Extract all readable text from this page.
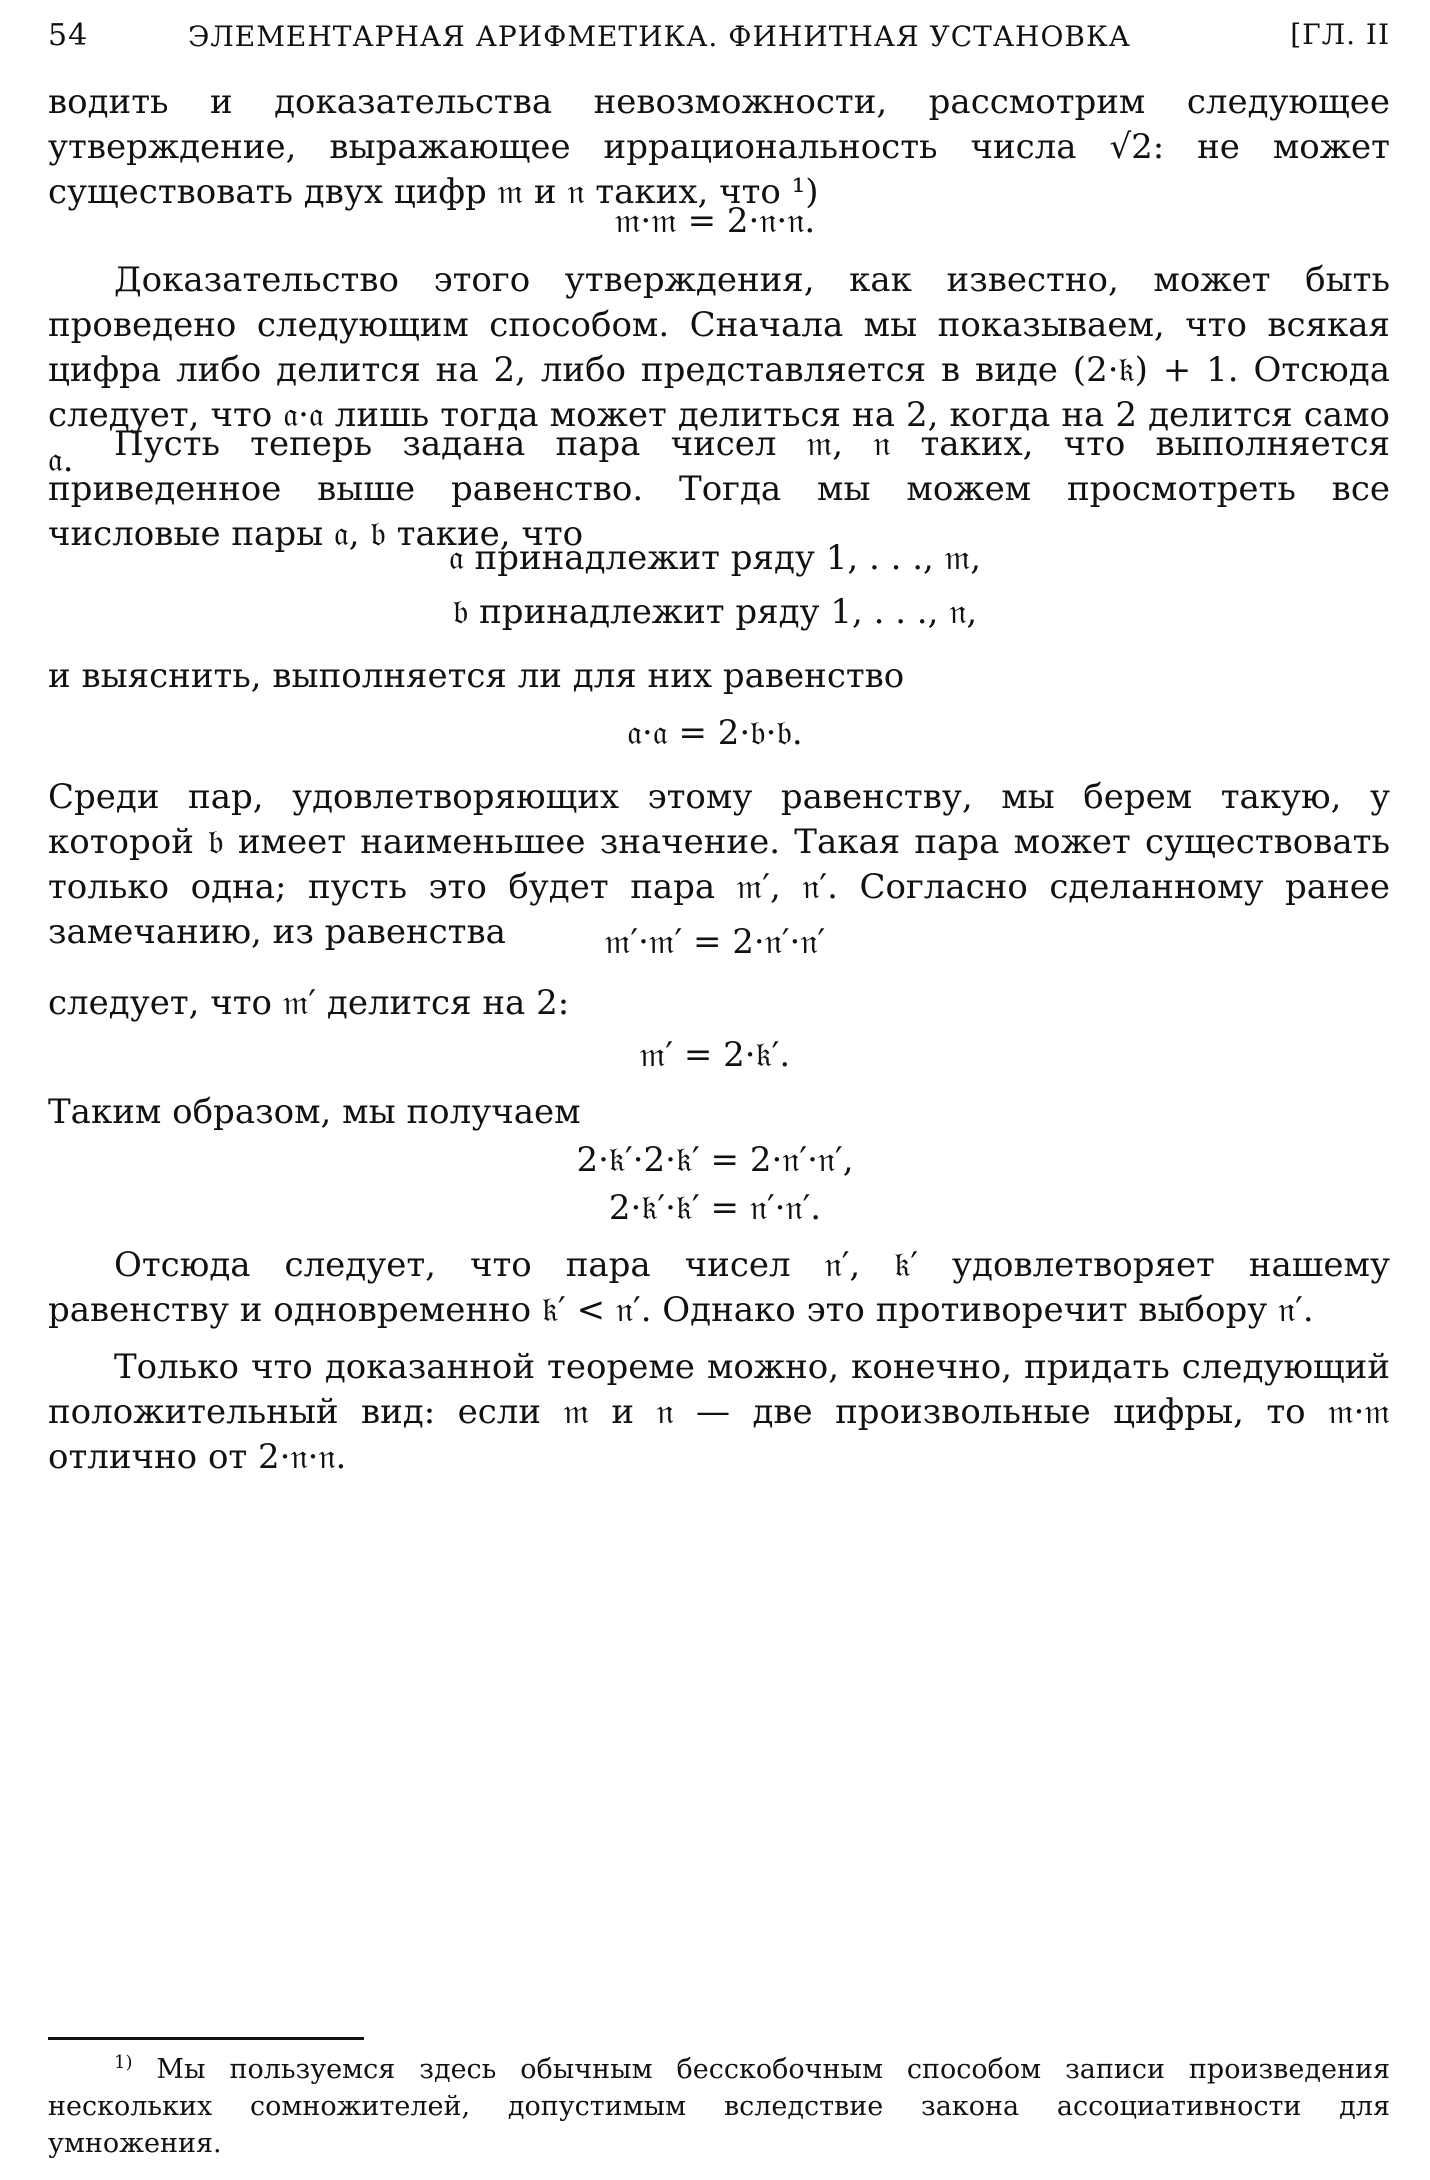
54	ЭЛЕМЕНТАРНАЯ АРИФМЕТИКА. ФИНИТНАЯ УСТАНОВКА	[ГЛ. II

водить и доказательства невозможности, рассмотрим следующее утверждение, выражающее иррациональность числа √2: не может существовать двух цифр 𝔪 и 𝔫 таких, что ¹)

𝔪·𝔪 = 2·𝔫·𝔫.

Доказательство этого утверждения, как известно, может быть проведено следующим способом. Сначала мы показываем, что всякая цифра либо делится на 2, либо представляется в виде (2·𝔨) + 1. Отсюда следует, что 𝔞·𝔞 лишь тогда может делиться на 2, когда на 2 делится само 𝔞.	Пусть теперь задана пара чисел 𝔪, 𝔫 таких, что выполняется приведенное выше равенство. Тогда мы можем просмотреть все числовые пары 𝔞, 𝔟 такие, что

𝔞 принадлежит ряду 1, . . ., 𝔪,
𝔟 принадлежит ряду 1, . . ., 𝔫,

и выяснить, выполняется ли для них равенство

𝔞·𝔞 = 2·𝔟·𝔟.

Среди пар, удовлетворяющих этому равенству, мы берем такую, у которой 𝔟 имеет наименьшее значение. Такая пара может существовать только одна; пусть это будет пара 𝔪′, 𝔫′. Согласно сделанному ранее замечанию, из равенства	𝔪′·𝔪′ = 2·𝔫′·𝔫′

следует, что 𝔪′ делится на 2:

𝔪′ = 2·𝔨′.

Таким образом, мы получаем

2·𝔨′·2·𝔨′ = 2·𝔫′·𝔫′,
2·𝔨′·𝔨′ = 𝔫′·𝔫′.

Отсюда следует, что пара чисел 𝔫′, 𝔨′ удовлетворяет нашему равенству и одновременно 𝔨′ < 𝔫′. Однако это противоречит выбору 𝔫′.

Только что доказанной теореме можно, конечно, придать следующий положительный вид: если 𝔪 и 𝔫 — две произвольные цифры, то 𝔪·𝔪 отлично от 2·𝔫·𝔫.

$^{1)}$ Мы пользуемся здесь обычным бесскобочным способом записи произведения нескольких сомножителей, допустимым вследствие закона ассоциативности для умножения.
